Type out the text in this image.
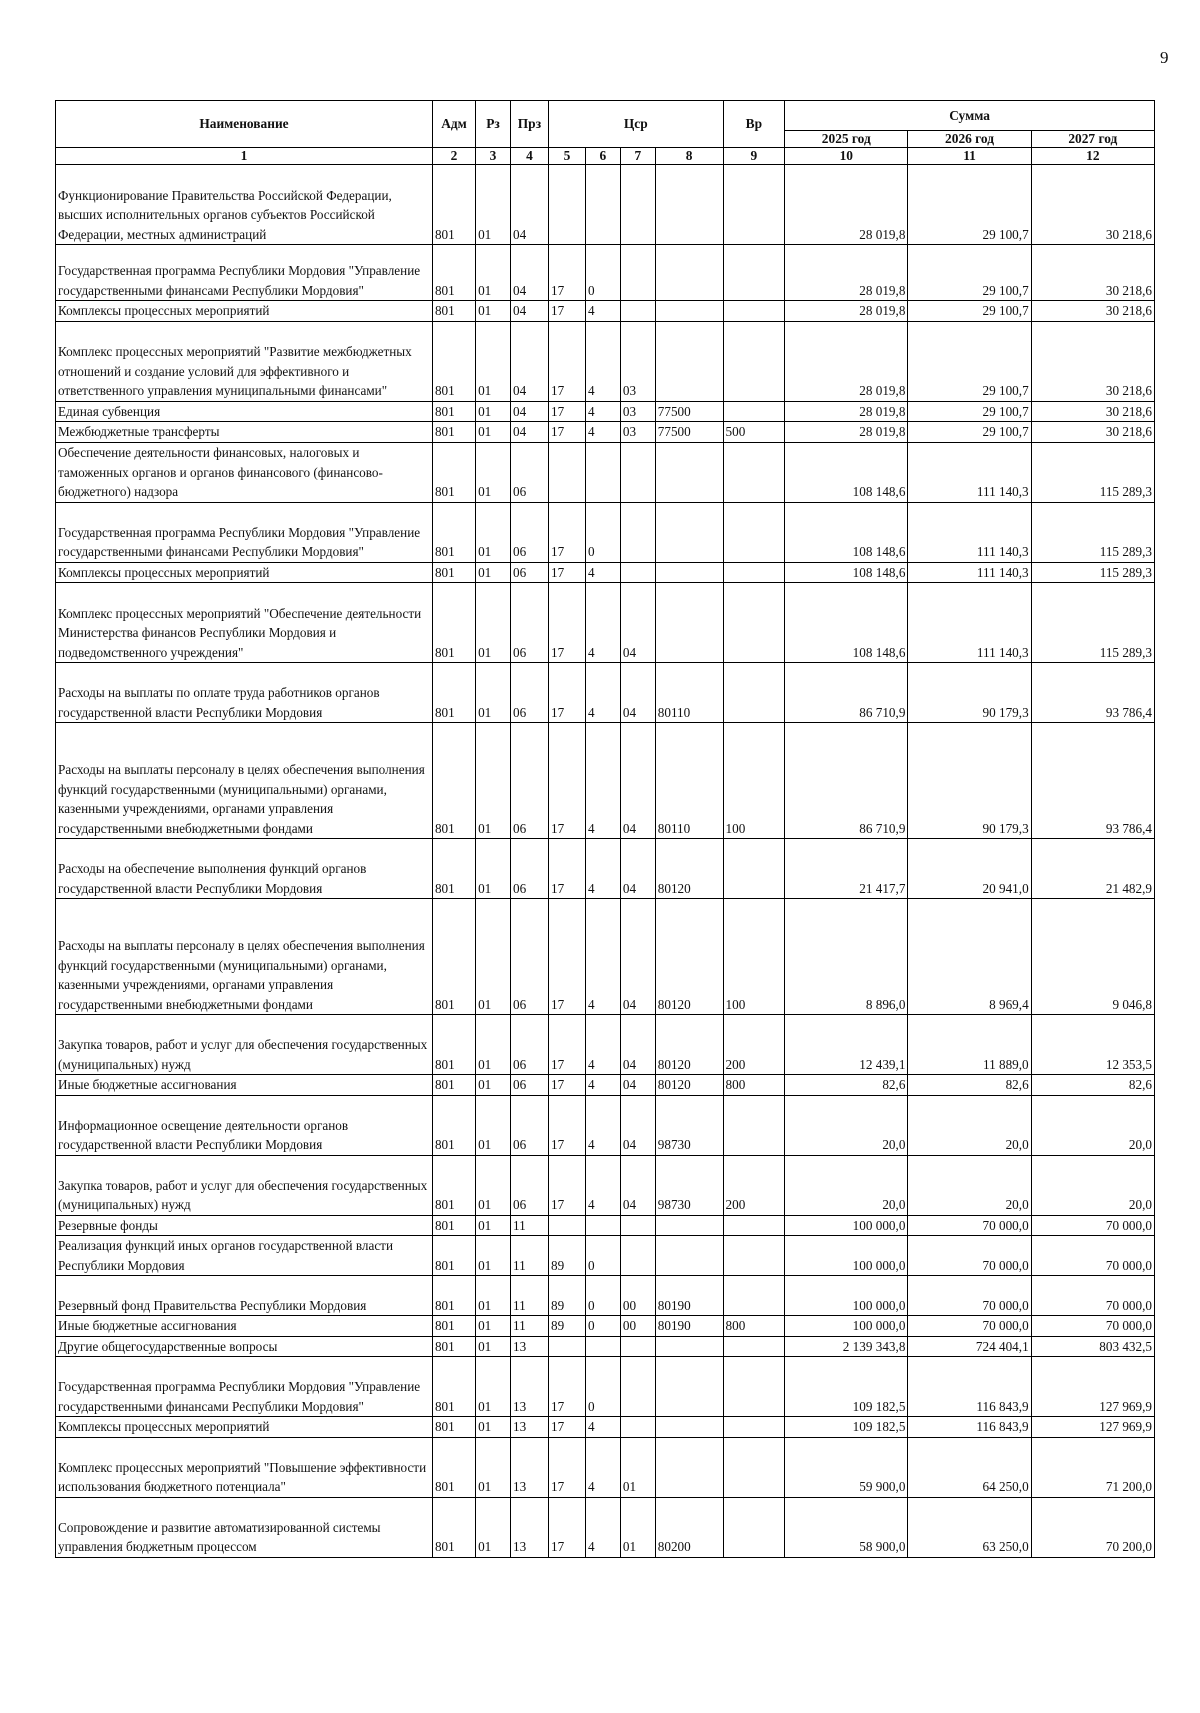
9
Наименование	Адм	Рз	Прз	Цср				Вр	Сумма		
									2025 год	2026 год	2027 год
1	2	3	4	5	6	7	8	9	10	11	12
Функционирование Правительства Российской Федерации, высших исполнительных органов субъектов Российской Федерации, местных администраций	801	01	04						28 019,8	29 100,7	30 218,6
Государственная программа Республики Мордовия "Управление государственными финансами Республики Мордовия"	801	01	04	17	0				28 019,8	29 100,7	30 218,6
Комплексы процессных мероприятий	801	01	04	17	4				28 019,8	29 100,7	30 218,6
Комплекс процессных мероприятий "Развитие межбюджетных отношений и создание условий для эффективного и ответственного управления муниципальными финансами"	801	01	04	17	4	03			28 019,8	29 100,7	30 218,6
Единая субвенция	801	01	04	17	4	03	77500		28 019,8	29 100,7	30 218,6
Межбюджетные трансферты	801	01	04	17	4	03	77500	500	28 019,8	29 100,7	30 218,6
Обеспечение деятельности финансовых, налоговых и таможенных органов и органов финансового (финансово-бюджетного) надзора	801	01	06						108 148,6	111 140,3	115 289,3
Государственная программа Республики Мордовия "Управление государственными финансами Республики Мордовия"	801	01	06	17	0				108 148,6	111 140,3	115 289,3
Комплексы процессных мероприятий	801	01	06	17	4				108 148,6	111 140,3	115 289,3
Комплекс процессных мероприятий "Обеспечение деятельности Министерства финансов Республики Мордовия и подведомственного учреждения"	801	01	06	17	4	04			108 148,6	111 140,3	115 289,3
Расходы на выплаты по оплате труда работников органов государственной власти Республики Мордовия	801	01	06	17	4	04	80110		86 710,9	90 179,3	93 786,4
Расходы на выплаты персоналу в целях обеспечения выполнения функций государственными (муниципальными) органами, казенными учреждениями, органами управления государственными внебюджетными фондами	801	01	06	17	4	04	80110	100	86 710,9	90 179,3	93 786,4
Расходы на обеспечение выполнения функций органов государственной власти Республики Мордовия	801	01	06	17	4	04	80120		21 417,7	20 941,0	21 482,9
Расходы на выплаты персоналу в целях обеспечения выполнения функций государственными (муниципальными) органами, казенными учреждениями, органами управления государственными внебюджетными фондами	801	01	06	17	4	04	80120	100	8 896,0	8 969,4	9 046,8
Закупка товаров, работ и услуг для обеспечения государственных (муниципальных) нужд	801	01	06	17	4	04	80120	200	12 439,1	11 889,0	12 353,5
Иные бюджетные ассигнования	801	01	06	17	4	04	80120	800	82,6	82,6	82,6
Информационное освещение деятельности органов государственной власти Республики Мордовия	801	01	06	17	4	04	98730		20,0	20,0	20,0
Закупка товаров, работ и услуг для обеспечения государственных (муниципальных) нужд	801	01	06	17	4	04	98730	200	20,0	20,0	20,0
Резервные фонды	801	01	11						100 000,0	70 000,0	70 000,0
Реализация функций иных органов государственной власти Республики Мордовия	801	01	11	89	0				100 000,0	70 000,0	70 000,0
Резервный фонд Правительства Республики Мордовия	801	01	11	89	0	00	80190		100 000,0	70 000,0	70 000,0
Иные бюджетные ассигнования	801	01	11	89	0	00	80190	800	100 000,0	70 000,0	70 000,0
Другие общегосударственные вопросы	801	01	13						2 139 343,8	724 404,1	803 432,5
Государственная программа Республики Мордовия "Управление государственными финансами Республики Мордовия"	801	01	13	17	0				109 182,5	116 843,9	127 969,9
Комплексы процессных мероприятий	801	01	13	17	4				109 182,5	116 843,9	127 969,9
Комплекс процессных мероприятий "Повышение эффективности использования бюджетного потенциала"	801	01	13	17	4	01			59 900,0	64 250,0	71 200,0
Сопровождение и развитие автоматизированной системы управления бюджетным процессом	801	01	13	17	4	01	80200		58 900,0	63 250,0	70 200,0
